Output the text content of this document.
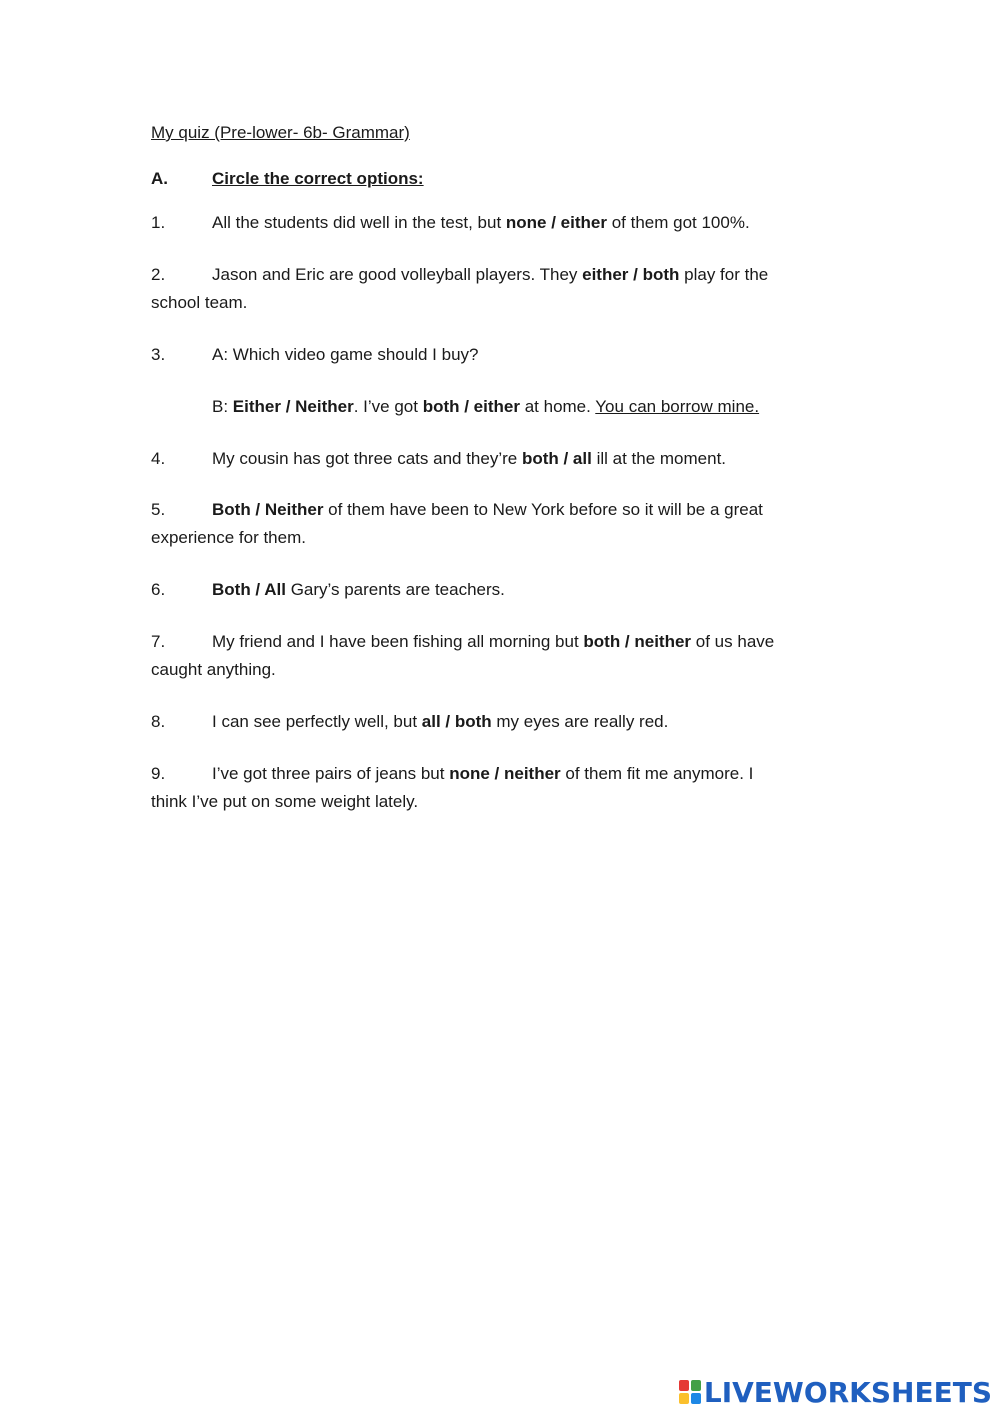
My quiz (Pre-lower- 6b- Grammar)
A.	Circle the correct options:
1.	All the students did well in the test, but none / either of them got 100%.
2.	Jason and Eric are good volleyball players. They either / both play for the
school team.
3.	A: Which video game should I buy?
B: Either / Neither. I’ve got both / either at home. You can borrow mine.
4.	My cousin has got three cats and they’re both / all ill at the moment.
5.	Both / Neither of them have been to New York before so it will be a great
experience for them.
6.	Both / All Gary’s parents are teachers.
7.	My friend and I have been fishing all morning but both / neither of us have
caught anything.
8.	I can see perfectly well, but all / both my eyes are really red.
9.	I’ve got three pairs of jeans but none / neither of them fit me anymore. I
think I’ve put on some weight lately.
LIVEWORKSHEETS
